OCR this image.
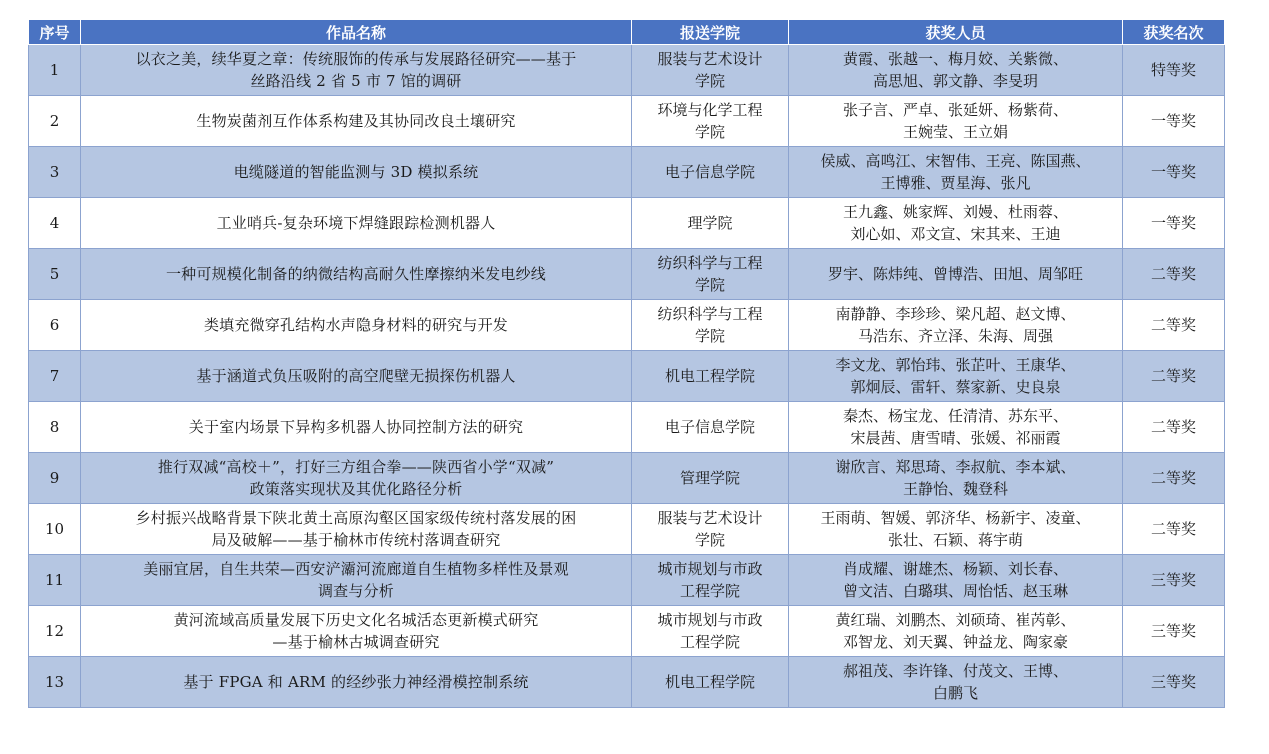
序号	作品名称	报送学院	获奖人员	获奖名次

1	以衣之美，续华夏之章：传统服饰的传承与发展路径研究——基于
丝路沿线 2 省 5 市 7 馆的调研	服装与艺术设计
学院	黄霞、张越一、梅月姣、关紫微、
高思旭、郭文静、李旻玥	特等奖

2	生物炭菌剂互作体系构建及其协同改良土壤研究	环境与化学工程
学院	张子言、严卓、张延妍、杨紫荷、
王婉莹、王立娟	一等奖

3	电缆隧道的智能监测与 3D 模拟系统	电子信息学院	侯威、高鸣江、宋智伟、王亮、陈国燕、
王博雅、贾星海、张凡	一等奖

4	工业哨兵-复杂环境下焊缝跟踪检测机器人	理学院	王九鑫、姚家辉、刘嫚、杜雨蓉、
刘心如、邓文宣、宋其来、王迪	一等奖

5	一种可规模化制备的纳微结构高耐久性摩擦纳米发电纱线	纺织科学与工程
学院	罗宇、陈炜纯、曾博浩、田旭、周邹旺	二等奖

6	类填充微穿孔结构水声隐身材料的研究与开发	纺织科学与工程
学院	南静静、李珍珍、梁凡超、赵文博、
马浩东、齐立泽、朱海、周强	二等奖

7	基于涵道式负压吸附的高空爬壁无损探伤机器人	机电工程学院	李文龙、郭怡玮、张芷叶、王康华、
郭炯辰、雷轩、蔡家新、史良泉	二等奖

8	关于室内场景下异构多机器人协同控制方法的研究	电子信息学院	秦杰、杨宝龙、任清清、苏东平、
宋晨茜、唐雪晴、张媛、祁丽霞	二等奖

9	推行双减“高校＋”，打好三方组合拳——陕西省小学“双减”
政策落实现状及其优化路径分析	管理学院	谢欣言、郑思琦、李叔航、李本斌、
王静怡、魏登科	二等奖

10	乡村振兴战略背景下陕北黄土高原沟壑区国家级传统村落发展的困
局及破解——基于榆林市传统村落调查研究	服装与艺术设计
学院	王雨萌、智媛、郭济华、杨新宇、凌童、
张壮、石颖、蒋宇萌	二等奖

11	美丽宜居，自生共荣—西安浐灞河流廊道自生植物多样性及景观
调查与分析	城市规划与市政
工程学院	肖成耀、谢雄杰、杨颖、刘长春、
曾文洁、白璐琪、周怡恬、赵玉琳	三等奖

12	黄河流域高质量发展下历史文化名城活态更新模式研究
—基于榆林古城调查研究	城市规划与市政
工程学院	黄红瑞、刘鹏杰、刘硕琦、崔芮彰、
邓智龙、刘天翼、钟益龙、陶家豪	三等奖

13	基于 FPGA 和 ARM 的经纱张力神经滑模控制系统	机电工程学院	郝祖茂、李许锋、付茂文、王博、
白鹏飞	三等奖
